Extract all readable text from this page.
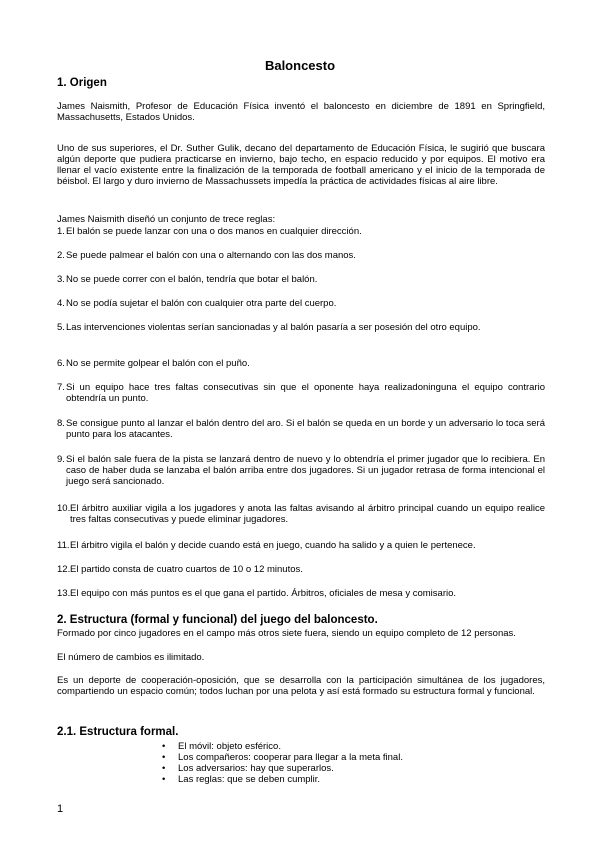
Baloncesto
1. Origen
James Naismith, Profesor de Educación Física inventó el baloncesto en diciembre de 1891 en Springfield, Massachusetts, Estados Unidos.
Uno de sus superiores, el Dr. Suther Gulik, decano del departamento de Educación Física, le sugirió que buscara algún deporte que pudiera practicarse en invierno, bajo techo, en espacio reducido y por equipos. El motivo era llenar el vacío existente entre la finalización de la temporada de football americano y el inicio de la temporada de béisbol. El largo y duro invierno de Massachussets impedía la práctica de actividades físicas al aire libre.
James Naismith diseñó un conjunto de trece reglas:
1. El balón se puede lanzar con una o dos manos en cualquier dirección.
2. Se puede palmear el balón con una o alternando con las dos manos.
3. No se puede correr con el balón, tendría que botar el balón.
4. No se podía sujetar el balón con cualquier otra parte del cuerpo.
5. Las intervenciones violentas serían sancionadas y al balón pasaría a ser posesión del otro equipo.
6. No se permite golpear el balón con el puño.
7. Si un equipo hace tres faltas consecutivas sin que el oponente haya realizadoninguna el equipo contrario obtendría un punto.
8. Se consigue punto al lanzar el balón dentro del aro. Si el balón se queda en un borde y un adversario lo toca será punto para los atacantes.
9. Si el balón sale fuera de la pista se lanzará dentro de nuevo y lo obtendría el primer jugador que lo recibiera. En caso de haber duda se lanzaba el balón arriba entre dos jugadores. Si un jugador retrasa de forma intencional el juego será sancionado.
10. El árbitro auxiliar vigila a los jugadores y anota las faltas avisando al árbitro principal cuando un equipo realice tres faltas consecutivas y puede eliminar jugadores.
11. El árbitro vigila el balón y decide cuando está en juego, cuando ha salido y a quien le pertenece.
12. El partido consta de cuatro cuartos de 10 o 12 minutos.
13. El equipo con más puntos es el que gana el partido. Árbitros, oficiales de mesa y comisario.
2. Estructura (formal y funcional) del juego del baloncesto.
Formado por cinco jugadores en el campo más otros siete fuera, siendo un equipo completo de 12 personas.
El número de cambios es ilimitado.
Es un deporte de cooperación-oposición, que se desarrolla con la participación simultánea de los jugadores, compartiendo un espacio común; todos luchan por una pelota y así está formado su estructura formal y funcional.
2.1. Estructura formal.
• El móvil: objeto esférico.
• Los compañeros: cooperar para llegar a la meta final.
• Los adversarios: hay que superarlos.
• Las reglas: que se deben cumplir.
1
